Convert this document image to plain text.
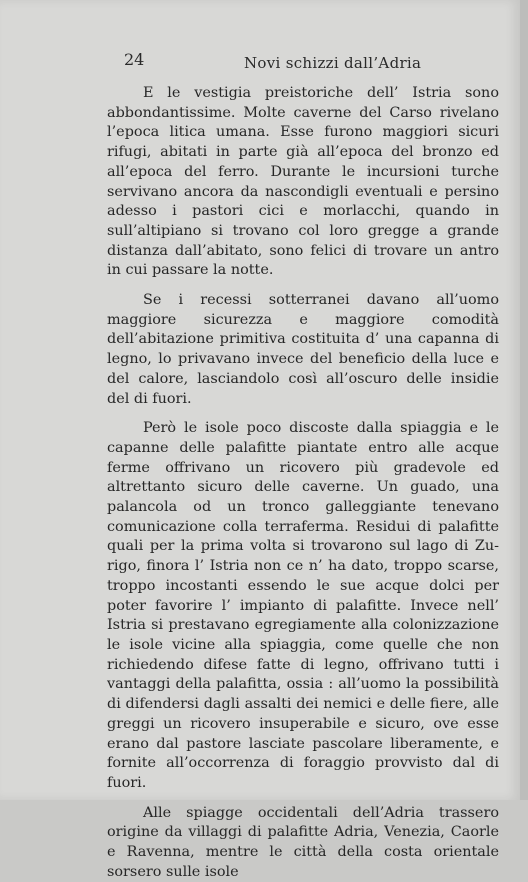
24	Novi schizzi dall’Adria

E le vestigia preistoriche dell’ Istria sono abbondantissime. Molte caverne del Carso rivelano l’epoca litica umana. Esse furono maggiori sicuri rifugi, abitati in parte già all’epoca del bronzo ed all’epoca del ferro. Durante le incursioni turche servivano ancora da nascondigli eventuali e persino adesso i pastori cici e morlacchi, quando in sull’altipiano si trovano col loro gregge a grande distanza dall’abitato, sono felici di trovare un antro in cui passare la notte.

Se i recessi sotterranei davano all’uomo maggiore sicurezza e maggiore comodità dell’abitazione primitiva costituita d’ una capanna di legno, lo privavano invece del beneficio della luce e del calore, lasciandolo così all’oscuro delle insidie del di fuori.

Però le isole poco discoste dalla spiaggia e le capanne delle palafitte piantate entro alle acque ferme offrivano un ricovero più gradevole ed altrettanto sicuro delle caverne. Un guado, una palancola od un tronco galleggiante tenevano comunicazione colla terraferma. Residui di palafitte quali per la prima volta si trovarono sul lago di Zurigo, finora l’ Istria non ce n’ ha dato, troppo scarse, troppo incostanti essendo le sue acque dolci per poter favorire l’ impianto di palafitte. Invece nell’ Istria si prestavano egregiamente alla colonizzazione le isole vicine alla spiaggia, come quelle che non richiedendo difese fatte di legno, offrivano tutti i vantaggi della palafitta, ossia : all’uomo la possibilità di difendersi dagli assalti dei nemici e delle fiere, alle greggi un ricovero insuperabile e sicuro, ove esse erano dal pastore lasciate pascolare liberamente, e fornite all’occorrenza di foraggio provvisto dal di fuori.

Alle spiagge occidentali dell’Adria trassero origine da villaggi di palafitte Adria, Venezia, Caorle e Ravenna, mentre le città della costa orientale sorsero sulle isole
